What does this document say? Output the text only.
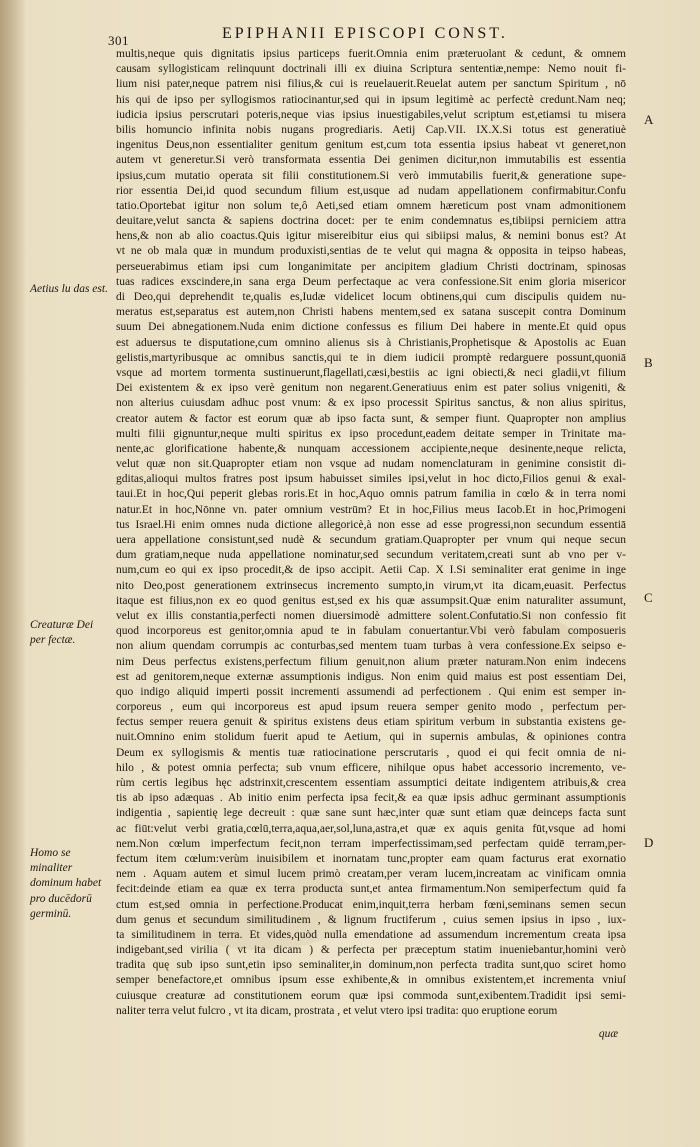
301	EPIPHANII EPISCOPI CONST.
Aetius lu das est.
Creaturæ Dei per fectæ.
Homo se minaliter dominum habet pro ducēdorū germinū.
A
B
C
D
multis,neque quis dignitatis ipsius particeps fuerit.Omnia enim præteruolant & cedunt, & omnem
causam syllogisticam relinquunt doctrinali illi ex diuina Scriptura sententiæ,nempe: Nemo nouit fi-
lium nisi pater,neque patrem nisi filius,& cui is reuelauerit.Reuelat autem per sanctum Spiritum , nō
his qui de ipso per syllogismos ratiocinantur,sed qui in ipsum legitimè ac perfectè credunt.Nam neq;
iudicia ipsius perscrutari poteris,neque vias ipsius inuestigabiles,velut scriptum est,etiamsi tu misera
bilis homuncio infinita nobis nugans progrediaris. Aetij Cap.VII. IX.X.Si totus est generatiuè
ingenitus Deus,non essentialiter genitum genitum est,cum tota essentia ipsius habeat vt generet,non
autem vt generetur.Si verò transformata essentia Dei genimen dicitur,non immutabilis est essentia
ipsius,cum mutatio operata sit filii constitutionem.Si verò immutabilis fuerit,& generatione supe-
rior essentia Dei,id quod secundum filium est,usque ad nudam appellationem confirmabitur.Confu
tatio.Oportebat igitur non solum te,ô Aeti,sed etiam omnem hæreticum post vnam admonitionem
deuitare,velut sancta & sapiens doctrina docet: per te enim condemnatus es,tibiipsi perniciem attra
hens,& non ab alio coactus.Quis igitur misereibitur eius qui sibiipsi malus, & nemini bonus est? At
vt ne ob mala quæ in mundum produxisti,sentias de te velut qui magna & opposita in teipso habeas,
perseuerabimus etiam ipsi cum longanimitate per ancipitem gladium Christi doctrinam, spinosas
tuas radices exscindere,in sana erga Deum perfectaque ac vera confessione.Sit enim gloria misericor
di Deo,qui deprehendit te,qualis es,Iudæ videlicet locum obtinens,qui cum discipulis quidem nu-
meratus est,separatus est autem,non Christi habens mentem,sed ex satana suscepit contra Dominum
suum Dei abnegationem.Nuda enim dictione confessus es filium Dei habere in mente.Et quid opus
est aduersus te disputatione,cum omnino alienus sis à Christianis,Prophetisque & Apostolis ac Euan
gelistis,martyribusque ac omnibus sanctis,qui te in diem iudicii promptè redarguere possunt,quoniā
vsque ad mortem tormenta sustinuerunt,flagellati,cæsi,bestiis ac igni obiecti,& neci gladii,vt filium
Dei existentem & ex ipso verè genitum non negarent.Generatiuus enim est pater solius vnigeniti, &
non alterius cuiusdam adhuc post vnum: & ex ipso processit Spiritus sanctus, & non alius spiritus,
creator autem & factor est eorum quæ ab ipso facta sunt, & semper fiunt. Quapropter non amplius
multi filii gignuntur,neque multi spiritus ex ipso procedunt,eadem deitate semper in Trinitate ma-
nente,ac glorificatione habente,& nunquam accessionem accipiente,neque desinente,neque relicta,
velut quæ non sit.Quapropter etiam non vsque ad nudam nomenclaturam in genimine consistit di-
gditas,alioqui multos fratres post ipsum habuisset similes ipsi,velut in hoc dicto,Filios genui & exal-
taui.Et in hoc,Qui peperit glebas roris.Et in hoc,Aquo omnis patrum familia in cœlo & in terra nomi
natur.Et in hoc,Nōnne vn. pater omnium vestrūm? Et in hoc,Filius meus Iacob.Et in hoc,Primogeni
tus Israel.Hi enim omnes nuda dictione allegoricè,à non esse ad esse progressi,non secundum essentiā
uera appellatione consistunt,sed nudè & secundum gratiam.Quapropter per vnum qui neque secun
dum gratiam,neque nuda appellatione nominatur,sed secundum veritatem,creati sunt ab vno per v-
num,cum eo qui ex ipso procedit,& de ipso accipit. Aetii Cap. X I.Si seminaliter erat genime in inge
nito Deo,post generationem extrinsecus incremento sumpto,in virum,vt ita dicam,euasit. Perfectus
itaque est filius,non ex eo quod genitus est,sed ex his quæ assumpsit.Quæ enim naturaliter assumunt,
velut ex illis constantia,perfecti nomen diuersimodè admittere solent.Confutatio.Si non confessio fit
quod incorporeus est genitor,omnia apud te in fabulam conuertantur.Vbi verò fabulam composueris
non alium quendam corrumpis ac conturbas,sed mentem tuam turbas à vera confessione.Ex seipso e-
nim Deus perfectus existens,perfectum filium genuit,non alium præter naturam.Non enim indecens
est ad genitorem,neque externæ assumptionis indigus. Non enim quid maius est post essentiam Dei,
quo indigo aliquid imperti possit incrementi assumendi ad perfectionem . Qui enim est semper in-
corporeus , eum qui incorporeus est apud ipsum reuera semper genito modo , perfectum per-
fectus semper reuera genuit & spiritus existens deus etiam spiritum verbum in substantia existens ge-
nuit.Omnino enim stolidum fuerit apud te Aetium, qui in supernis ambulas, & opiniones contra
Deum ex syllogismis & mentis tuæ ratiocinatione perscrutaris , quod ei qui fecit omnia de ni-
hilo , & potest omnia perfecta; sub vnum efficere, nihilque opus habet accessorio incremento, ve-
rùm certis legibus hęc adstrinxit,crescentem essentiam assumptici deitate indigentem atribuis,& crea
tis ab ipso adæquas . Ab initio enim perfecta ipsa fecit,& ea quæ ipsis adhuc germinant assumptionis
indigentia , sapientię lege decreuit : quæ sane sunt hæc,inter quæ sunt etiam quæ deinceps facta sunt
ac fiūt:velut verbi gratia,cœlū,terra,aqua,aer,sol,luna,astra,et quæ ex aquis genita fūt,vsque ad homi
nem.Non cœlum imperfectum fecit,non terram imperfectissimam,sed perfectam quidē terram,per-
fectum item cœlum:verùm inuisibilem et inornatam tunc,propter eam quam facturus erat exornatio
nem . Aquam autem et simul lucem primò creatam,per veram lucem,increatam ac vinificam omnia
fecit:deinde etiam ea quæ ex terra producta sunt,et antea firmamentum.Non semiperfectum quid fa
ctum est,sed omnia in perfectione.Producat enim,inquit,terra herbam fœni,seminans semen secun
dum genus et secundum similitudinem , & lignum fructiferum , cuius semen ipsius in ipso , iux-
ta similitudinem in terra. Et vides,quòd nulla emendatione ad assumendum incrementum creata ipsa
indigebant,sed virilia ( vt ita dicam ) & perfecta per præceptum statim inueniebantur,homini verò
tradita quę sub ipso sunt,etin ipso seminaliter,in dominum,non perfecta tradita sunt,quo sciret homo
semper benefactore,et omnibus ipsum esse exhibente,& in omnibus existentem,et incrementa vniuſ
cuiusque creaturæ ad constitutionem eorum quæ ipsi commoda sunt,exibentem.Tradidit ipsi semi-
naliter terra velut fulcro , vt ita dicam, prostrata , et velut vtero ipsi tradita: quo eruptione eorum
quæ
